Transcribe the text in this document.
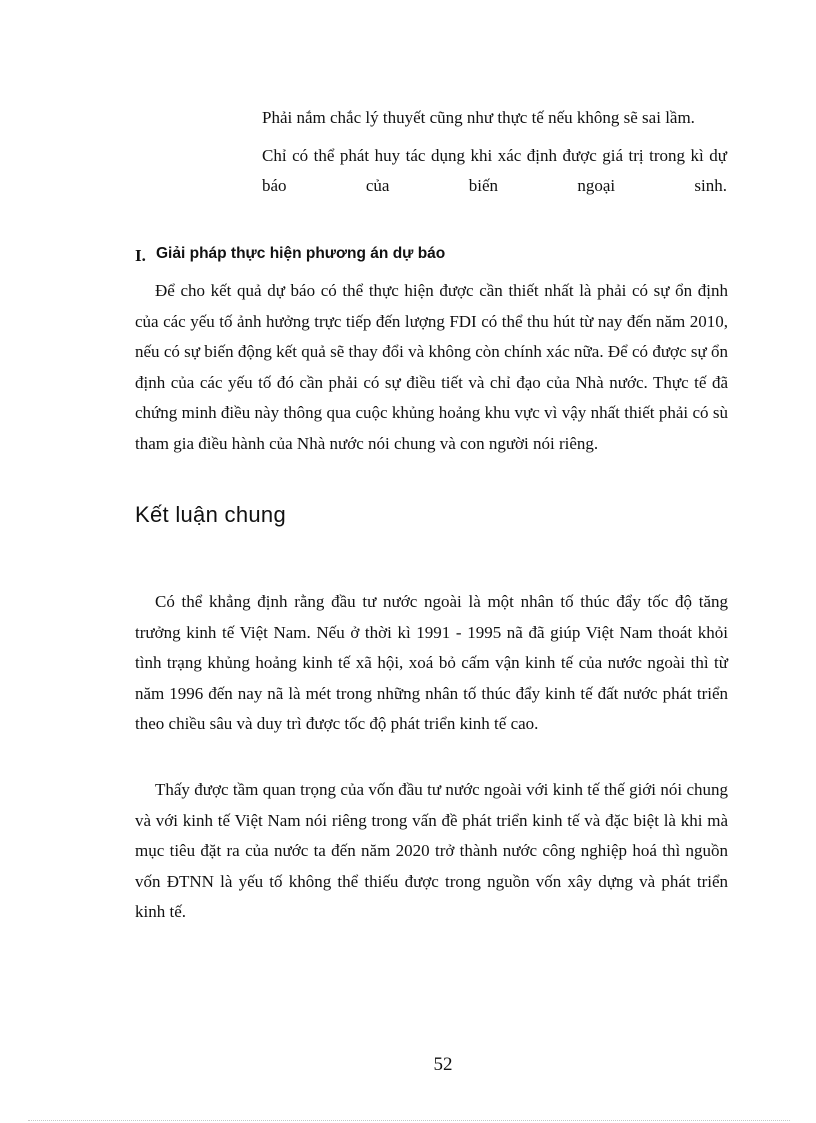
Phải nắm chắc lý thuyết cũng như thực tế nếu không sẽ sai lầm.

Chỉ có thể phát huy tác dụng khi xác định được giá trị trong kì dự báo của biến ngoại sinh.

I. Giải pháp thực hiện phương án dự báo

Để cho kết quả dự báo có thể thực hiện được cần thiết nhất là phải có sự ổn định của các yếu tố ảnh hưởng trực tiếp đến lượng FDI có thể thu hút từ nay đến năm 2010, nếu có sự biến động kết quả sẽ thay đổi và không còn chính xác nữa. Để có được sự ổn định của các yếu tố đó cần phải có sự điều tiết và chỉ đạo của Nhà nước. Thực tế đã chứng minh điều này thông qua cuộc khủng hoảng khu vực vì vậy nhất thiết phải có sù tham gia điều hành của Nhà nước nói chung và con người nói riêng.

Kết luận chung

Có thể khẳng định rằng đầu tư nước ngoài là một nhân tố thúc đẩy tốc độ tăng trưởng kinh tế Việt Nam. Nếu ở thời kì 1991 - 1995 nã đã giúp Việt Nam thoát khỏi tình trạng khủng hoảng kinh tế xã hội, xoá bỏ cấm vận kinh tế của nước ngoài thì từ năm 1996 đến nay nã là mét trong những nhân tố thúc đẩy kinh tế đất nước phát triển theo chiều sâu và duy trì được tốc độ phát triển kinh tế cao.

Thấy được tầm quan trọng của vốn đầu tư nước ngoài với kinh tế thế giới nói chung và với kinh tế Việt Nam nói riêng trong vấn đề phát triển kinh tế và đặc biệt là khi mà mục tiêu đặt ra của nước ta đến năm 2020 trở thành nước công nghiệp hoá thì nguồn vốn ĐTNN là yếu tố không thể thiếu được trong nguồn vốn xây dựng và phát triển kinh tế.

52
